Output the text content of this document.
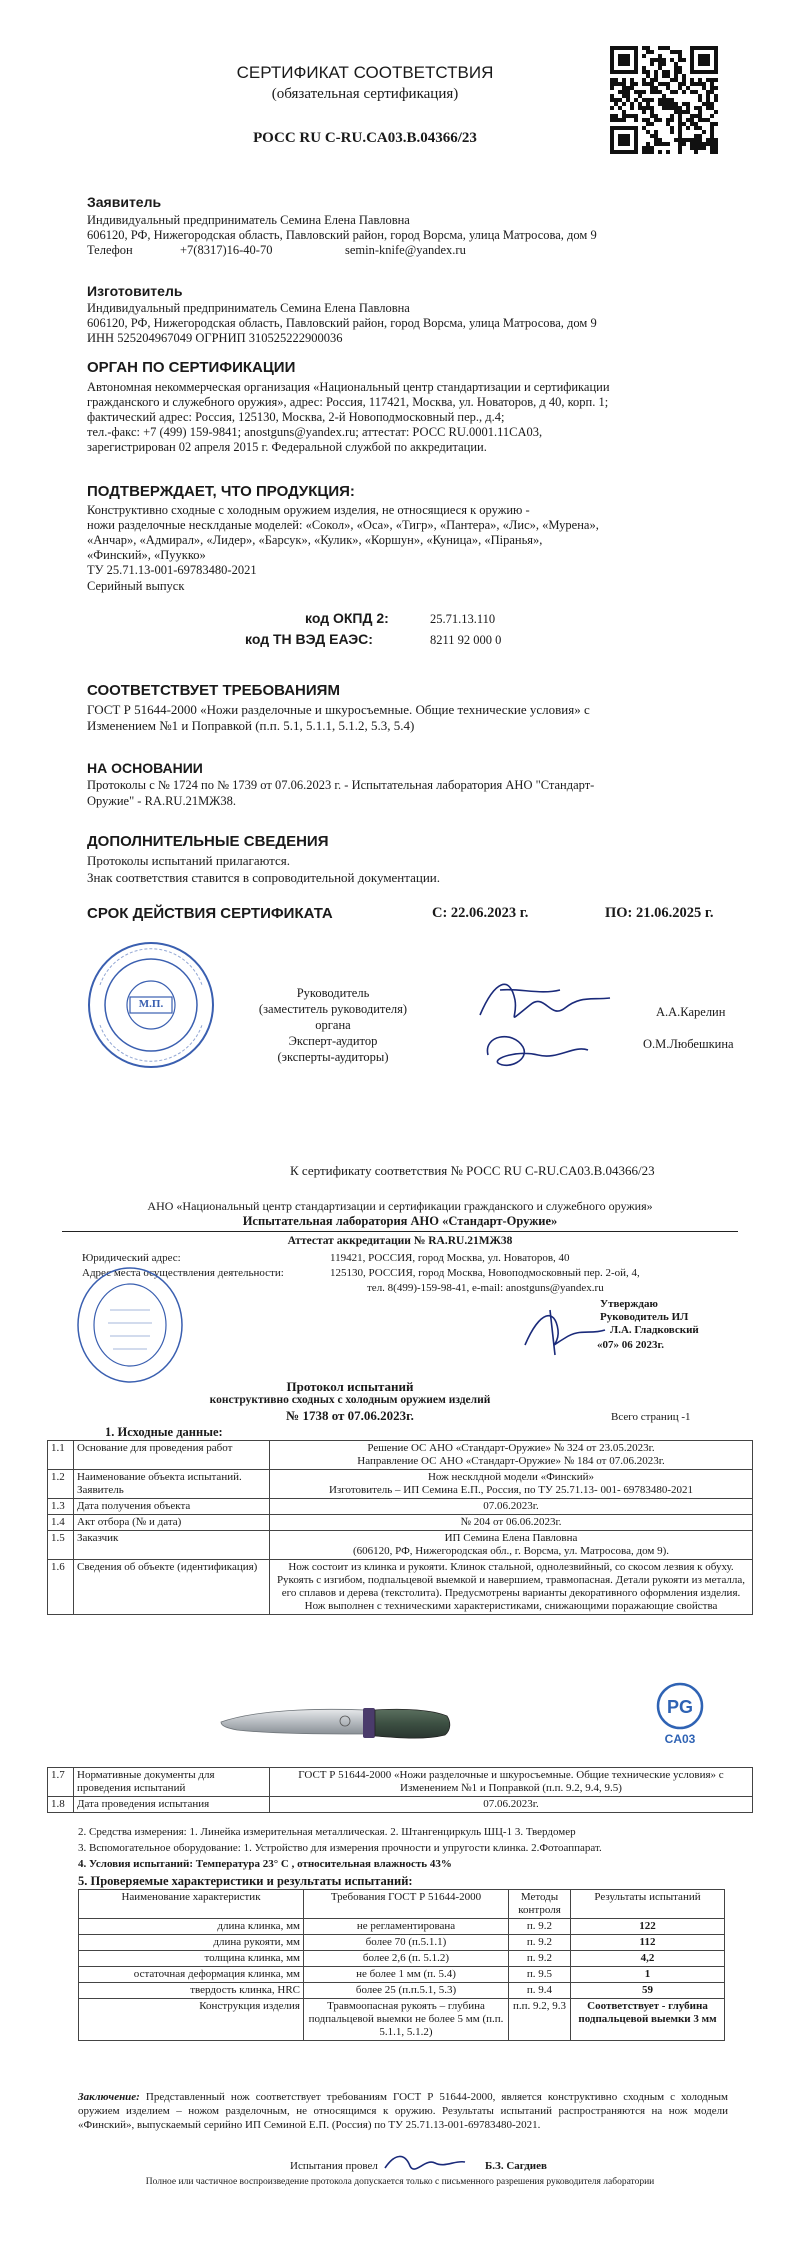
СЕРТИФИКАТ СООТВЕТСТВИЯ
(обязательная сертификация)
РОСС RU C-RU.CA03.B.04366/23
Заявитель
Индивидуальный предприниматель Семина Елена Павловна
606120, РФ, Нижегородская область, Павловский район, город Ворсма, улица Матросова, дом 9
Телефон	+7(8317)16-40-70	semin-knife@yandex.ru
Изготовитель
Индивидуальный предприниматель Семина Елена Павловна
606120, РФ, Нижегородская область, Павловский район, город Ворсма, улица Матросова, дом 9
ИНН 525204967049 ОГРНИП 310525222900036
ОРГАН ПО СЕРТИФИКАЦИИ
Автономная некоммерческая организация «Национальный центр стандартизации и сертификации
гражданского и служебного оружия», адрес: Россия, 117421, Москва, ул. Новаторов, д 40, корп. 1;
фактический адрес: Россия, 125130, Москва, 2-й Новоподмосковный пер., д.4;
тел.-факс: +7 (499) 159-9841; anostguns@yandex.ru; аттестат: РОСС RU.0001.11CA03,
зарегистрирован 02 апреля 2015 г. Федеральной службой по аккредитации.
ПОДТВЕРЖДАЕТ, ЧТО ПРОДУКЦИЯ:
Конструктивно сходные с холодным оружием изделия, не относящиеся к оружию -
ножи разделочные несклданые моделей: «Сокол», «Оса», «Тигр», «Пантера», «Лис», «Мурена»,
«Анчар», «Адмирал», «Лидер», «Барсук», «Кулик», «Коршун», «Куница», «Піранья»,
«Финский», «Пуукко»
ТУ 25.71.13-001-69783480-2021
Серийный выпуск
код ОКПД 2:	25.71.13.110
код ТН ВЭД ЕАЭС:	8211 92 000 0
СООТВЕТСТВУЕТ ТРЕБОВАНИЯМ
ГОСТ Р 51644-2000 «Ножи разделочные и шкуросъемные. Общие технические условия» с
Изменением №1 и Поправкой (п.п. 5.1, 5.1.1, 5.1.2, 5.3, 5.4)
НА ОСНОВАНИИ
Протоколы с № 1724 по № 1739 от 07.06.2023 г. - Испытательная лаборатория АНО "Стандарт-
Оружие" - RA.RU.21МЖ38.
ДОПОЛНИТЕЛЬНЫЕ СВЕДЕНИЯ
Протоколы испытаний прилагаются.
Знак соответствия ставится в сопроводительной документации.
СРОК ДЕЙСТВИЯ СЕРТИФИКАТА	С: 22.06.2023 г.	ПО: 21.06.2025 г.
М.П.
Руководитель
(заместитель руководителя)
органа
Эксперт-аудитор
(эксперты-аудиторы)
А.А.Карелин
О.М.Любешкина
К сертификату соответствия № РОСС RU C-RU.CA03.B.04366/23
АНО «Национальный центр стандартизации и сертификации гражданского и служебного оружия»
Испытательная лаборатория АНО «Стандарт-Оружие»
Аттестат аккредитации № RA.RU.21МЖ38
Юридический адрес:	119421, РОССИЯ, город Москва, ул. Новаторов, 40
Адрес места осуществления деятельности:	125130, РОССИЯ, город Москва, Новоподмосковный пер. 2-ой, 4,
тел. 8(499)-159-98-41, e-mail: anostguns@yandex.ru
Утверждаю
Руководитель ИЛ
Л.А. Гладковский
«07» 06 2023г.
Протокол испытаний
конструктивно сходных с холодным оружием изделий
№ 1738 от 07.06.2023г.	Всего страниц -1
1. Исходные данные:
1.1	Основание для проведения работ	Решение ОС АНО «Стандарт-Оружие» № 324 от 23.05.2023г.
Направление ОС АНО «Стандарт-Оружие» № 184 от 07.06.2023г.
1.2	Наименование объекта испытаний. Заявитель	Нож несклдной модели «Финский»
Изготовитель – ИП Семина Е.П., Россия, по ТУ 25.71.13- 001- 69783480-2021
1.3	Дата получения объекта	07.06.2023г.
1.4	Акт отбора (№ и дата)	№ 204 от 06.06.2023г.
1.5	Заказчик	ИП Семина Елена Павловна
(606120, РФ, Нижегородская обл., г. Ворсма, ул. Матросова, дом 9).
1.6	Сведения об объекте (идентификация)	Нож состоит из клинка и рукояти. Клинок стальной, однолезвийный, со скосом лезвия к обуху. Рукоять с изгибом, подпальцевой выемкой и навершием, травмопасная. Детали рукояти из металла, его сплавов и дерева (текстолита). Предусмотрены варианты декоративного оформления изделия. Нож выполнен с техническими характеристиками, снижающими поражающие свойства
PG
CA03
1.7	Нормативные документы для проведения испытаний	ГОСТ Р 51644-2000 «Ножи разделочные и шкуросъемные. Общие технические условия» с Изменением №1 и Поправкой (п.п. 9.2, 9.4, 9.5)
1.8	Дата проведения испытания	07.06.2023г.
2. Средства измерения: 1. Линейка измерительная металлическая. 2. Штангенциркуль ШЦ-1 3. Твердомер
3. Вспомогательное оборудование: 1. Устройство для измерения прочности и упругости клинка. 2.Фотоаппарат.
4. Условия испытаний: Температура 23° С , относительная влажность 43%
5. Проверяемые характеристики и результаты испытаний:
Наименование характеристик	Требования ГОСТ Р 51644-2000	Методы контроля	Результаты испытаний
длина клинка, мм	не регламентирована	п. 9.2	122
длина рукояти, мм	более 70 (п.5.1.1)	п. 9.2	112
толщина клинка, мм	более 2,6 (п. 5.1.2)	п. 9.2	4,2
остаточная деформация клинка, мм	не более 1 мм (п. 5.4)	п. 9.5	1
твердость клинка, HRC	более 25 (п.п.5.1, 5.3)	п. 9.4	59
Конструкция изделия	Травмоопасная рукоять – глубина подпальцевой выемки не более 5 мм (п.п. 5.1.1, 5.1.2)	п.п. 9.2, 9.3	Соответствует - глубина подпальцевой выемки 3 мм
Заключение: Представленный нож соответствует требованиям ГОСТ Р 51644-2000, является конструктивно сходным с холодным оружием изделием – ножом разделочным, не относящимся к оружию. Результаты испытаний распространяются на нож модели «Финский», выпускаемый серийно ИП Семиной Е.П. (Россия) по ТУ 25.71.13-001-69783480-2021.
Испытания провел	Б.З. Сагдиев
Полное или частичное воспроизведение протокола допускается только с письменного разрешения руководителя лаборатории
